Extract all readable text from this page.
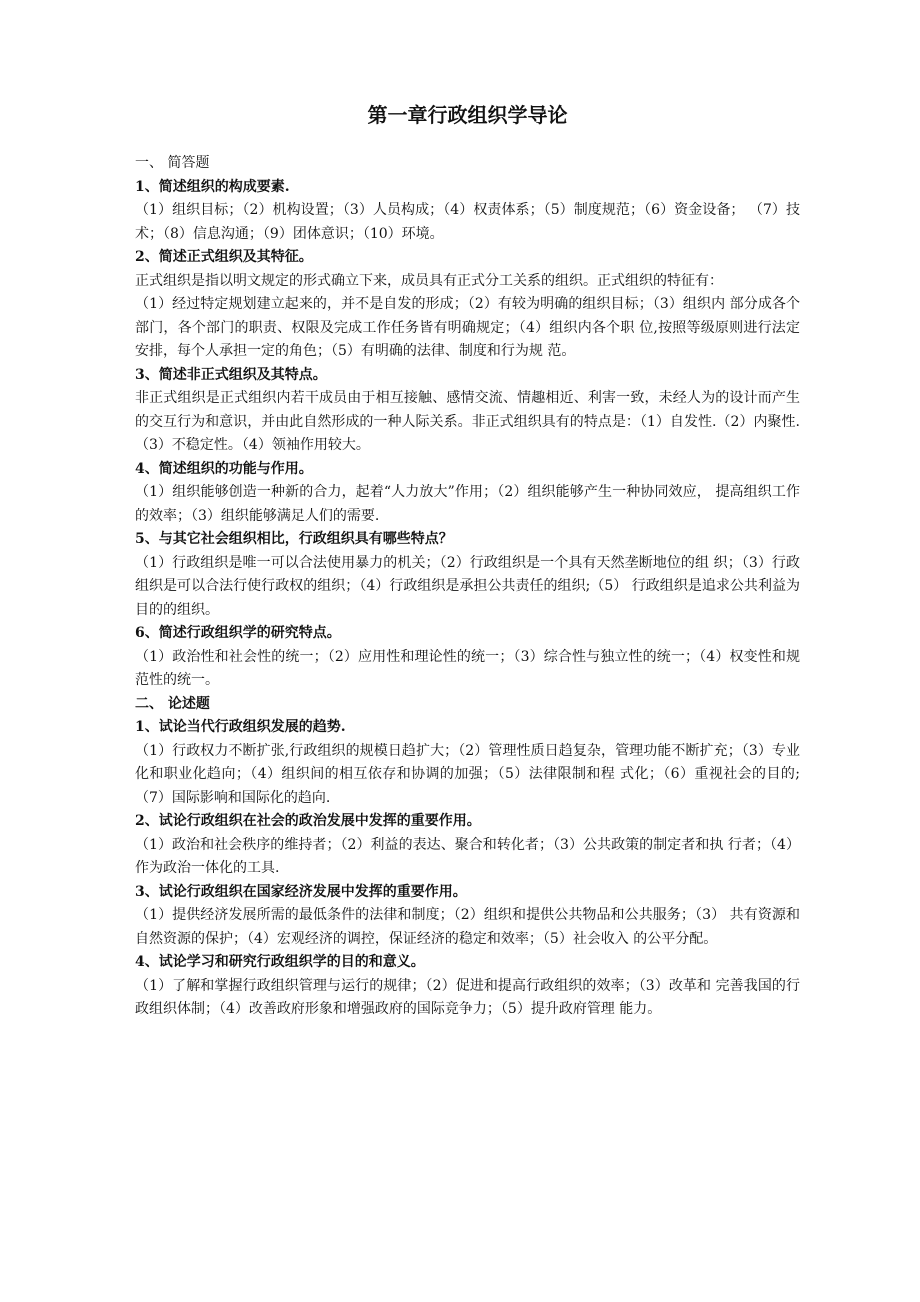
第一章行政组织学导论

一、 简答题

1、简述组织的构成要素.

（1）组织目标；（2）机构设置；（3）人员构成；（4）权责体系；（5）制度规范；（6）资金设备； （7）技术；（8）信息沟通；（9）团体意识；（10）环境。

2、简述正式组织及其特征。

正式组织是指以明文规定的形式确立下来，成员具有正式分工关系的组织。正式组织的特征有：

（1）经过特定规划建立起来的，并不是自发的形成；（2）有较为明确的组织目标；（3）组织内 部分成各个部门，各个部门的职责、权限及完成工作任务皆有明确规定；（4）组织内各个职 位,按照等级原则进行法定安排，每个人承担一定的角色；（5）有明确的法律、制度和行为规 范。

3、简述非正式组织及其特点。

非正式组织是正式组织内若干成员由于相互接触、感情交流、情趣相近、利害一致，未经人为的设计而产生的交互行为和意识，并由此自然形成的一种人际关系。非正式组织具有的特点是：（1）自发性.（2）内聚性.（3）不稳定性。（4）领袖作用较大。

4、简述组织的功能与作用。

（1）组织能够创造一种新的合力，起着“人力放大”作用；（2）组织能够产生一种协同效应， 提高组织工作的效率；（3）组织能够满足人们的需要.

5、与其它社会组织相比，行政组织具有哪些特点？

（1）行政组织是唯一可以合法使用暴力的机关；（2）行政组织是一个具有天然垄断地位的组 织；（3）行政组织是可以合法行使行政权的组织；（4）行政组织是承担公共责任的组织;（5） 行政组织是追求公共利益为目的的组织。

6、简述行政组织学的研究特点。

（1）政治性和社会性的统一；（2）应用性和理论性的统一；（3）综合性与独立性的统一；（4）权变性和规范性的统一。

二、 论述题

1、试论当代行政组织发展的趋势.

（1）行政权力不断扩张,行政组织的规模日趋扩大；（2）管理性质日趋复杂，管理功能不断扩充；（3）专业化和职业化趋向；（4）组织间的相互依存和协调的加强；（5）法律限制和程 式化；（6）重视社会的目的;（7）国际影响和国际化的趋向.

2、试论行政组织在社会的政治发展中发挥的重要作用。

（1）政治和社会秩序的维持者；（2）利益的表达、聚合和转化者；（3）公共政策的制定者和执 行者；（4）作为政治一体化的工具.

3、试论行政组织在国家经济发展中发挥的重要作用。

（1）提供经济发展所需的最低条件的法律和制度；（2）组织和提供公共物品和公共服务；（3） 共有资源和自然资源的保护；（4）宏观经济的调控，保证经济的稳定和效率；（5）社会收入 的公平分配。

4、试论学习和研究行政组织学的目的和意义。

（1）了解和掌握行政组织管理与运行的规律；（2）促进和提高行政组织的效率；（3）改革和 完善我国的行政组织体制；（4）改善政府形象和增强政府的国际竞争力；（5）提升政府管理 能力。
